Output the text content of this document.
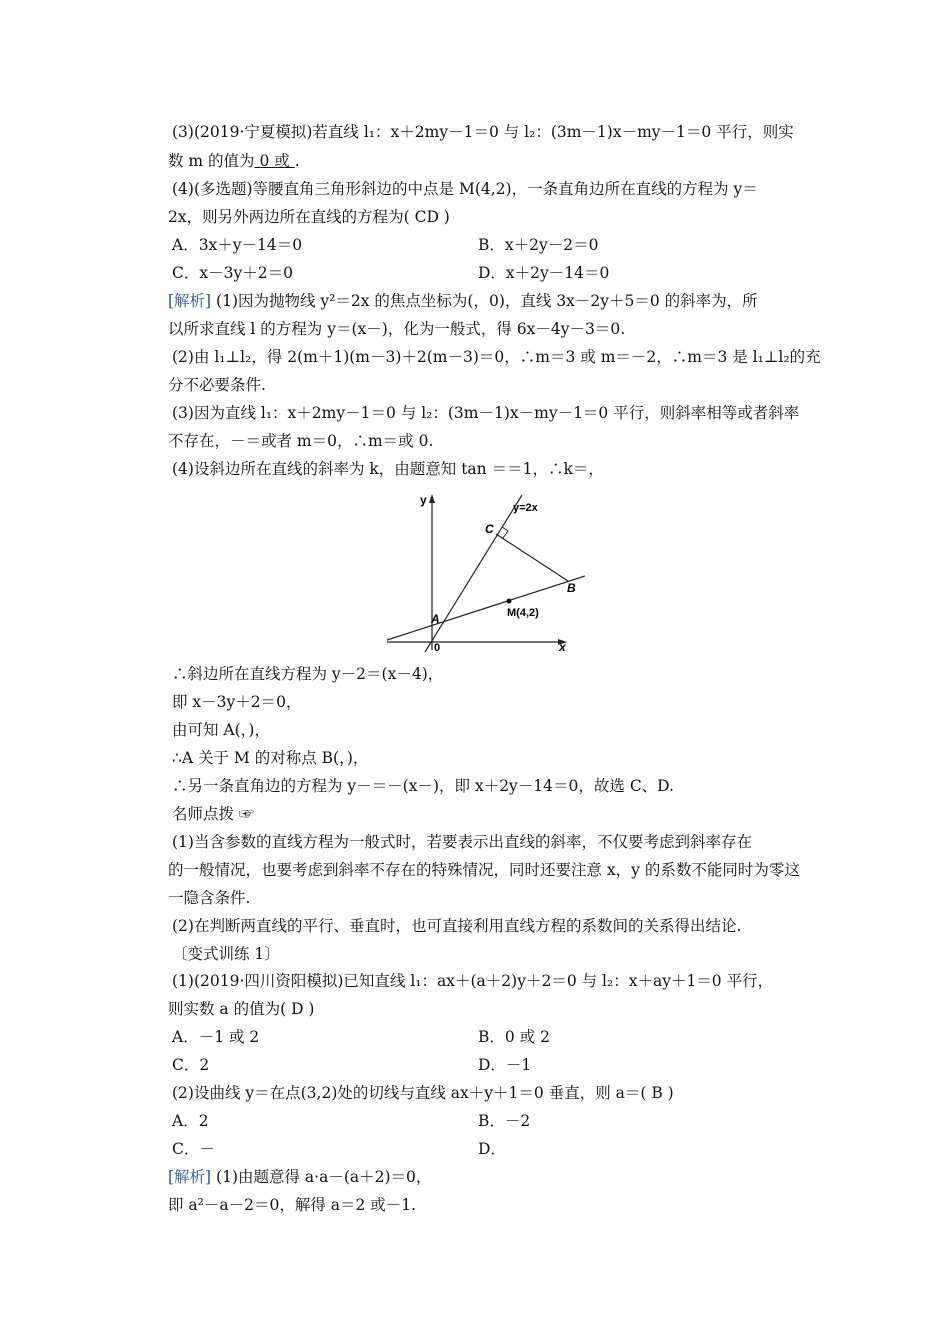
(3)(2019·宁夏模拟)若直线 l₁：x＋2my－1＝0 与 l₂：(3m－1)x－my－1＝0 平行，则实
数 m 的值为 0 或 .
(4)(多选题)等腰直角三角形斜边的中点是 M(4,2)，一条直角边所在直线的方程为 y＝
2x，则另外两边所在直线的方程为( CD )
A．3x＋y－14＝0	B．x＋2y－2＝0
C．x－3y＋2＝0	D．x＋2y－14＝0
[解析] (1)因为抛物线 y²＝2x 的焦点坐标为(，0)，直线 3x－2y＋5＝0 的斜率为，所
以所求直线 l 的方程为 y＝(x－)，化为一般式，得 6x－4y－3＝0.
(2)由 l₁⊥l₂，得 2(m＋1)(m－3)＋2(m－3)＝0，∴m＝3 或 m＝－2，∴m＝3 是 l₁⊥l₂的充
分不必要条件.
(3)因为直线 l₁：x＋2my－1＝0 与 l₂：(3m－1)x－my－1＝0 平行，则斜率相等或者斜率
不存在，－＝或者 m＝0，∴m＝或 0.
(4)设斜边所在直线的斜率为 k，由题意知 tan ＝＝1，∴k＝，
y
x
0
y=2x
A
B
C
M(4,2)
∴斜边所在直线方程为 y－2＝(x－4)，
即 x－3y＋2＝0，
由可知 A(，)，
∴A 关于 M 的对称点 B(，)，
∴另一条直角边的方程为 y－＝－(x－)，即 x＋2y－14＝0，故选 C、D.
名师点拨 ☞
(1)当含参数的直线方程为一般式时，若要表示出直线的斜率，不仅要考虑到斜率存在
的一般情况，也要考虑到斜率不存在的特殊情况，同时还要注意 x，y 的系数不能同时为零这
一隐含条件.
(2)在判断两直线的平行、垂直时，也可直接利用直线方程的系数间的关系得出结论.
〔变式训练 1〕
(1)(2019·四川资阳模拟)已知直线 l₁：ax＋(a＋2)y＋2＝0 与 l₂：x＋ay＋1＝0 平行，
则实数 a 的值为( D )
A．－1 或 2	B．0 或 2
C．2	D．－1
(2)设曲线 y＝在点(3,2)处的切线与直线 ax＋y＋1＝0 垂直，则 a＝( B )
A．2	B．－2
C．－	D．
[解析] (1)由题意得 a·a－(a＋2)＝0，
即 a²－a－2＝0，解得 a＝2 或－1.
